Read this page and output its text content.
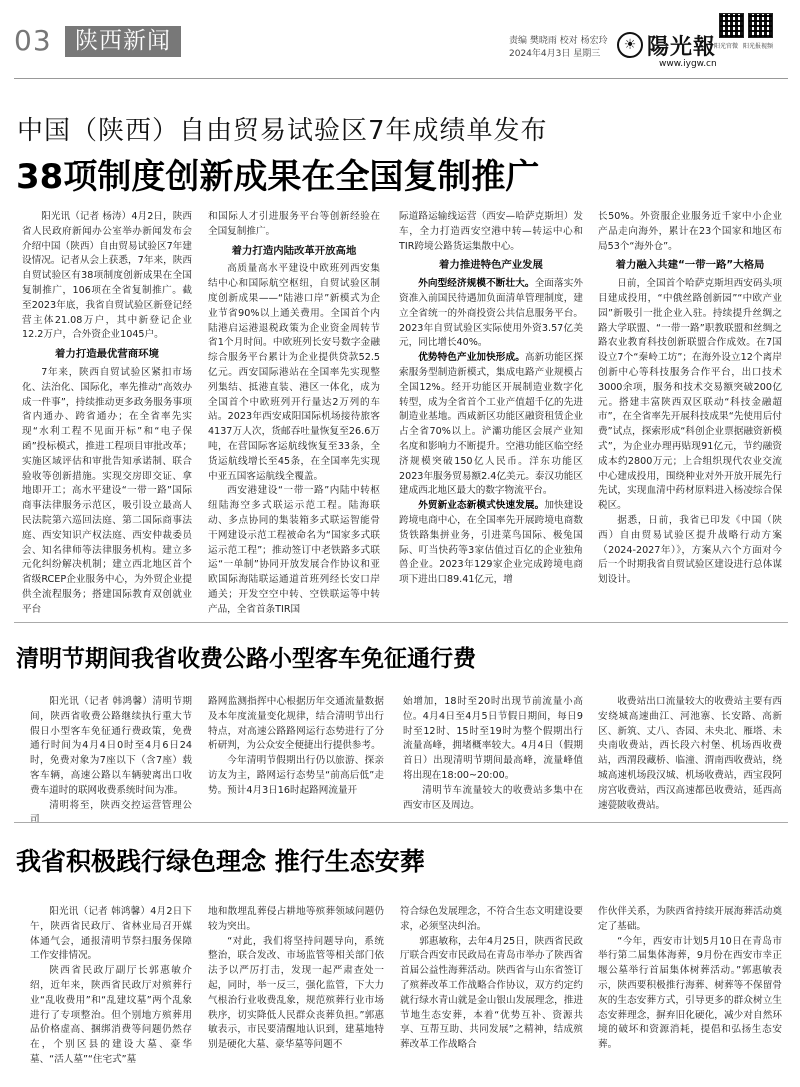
03	陕西新闻	责编 樊晓雨 校对 杨宏玲
2024年4月3日 星期三
☀ 陽光報
www.iygw.cn
阳光官微 阳光报视频
中国（陕西）自由贸易试验区7年成绩单发布
38项制度创新成果在全国复制推广

阳光讯（记者 杨涛）4月2日，陕西省人民政府新闻办公室举办新闻发布会介绍中国（陕西）自由贸易试验区7年建设情况。记者从会上获悉，7年来，陕西自贸试验区有38项制度创新成果在全国复制推广，106项在全省复制推广。截至2023年底，我省自贸试验区新登记经营主体21.08万户，其中新登记企业12.2万户，合外资企业1045户。

着力打造最优营商环境

7年来，陕西自贸试验区紧扣市场化、法治化、国际化，率先推动“高效办成一件事”，持续推动更多政务服务事项省内通办、跨省通办；在全省率先实现“水利工程不见面开标”和“电子保函”投标模式，推进工程项目审批改革；实施区域评估和审批告知承诺制、联合验收等创新措施。实现交房即交证、拿地即开工；高水平建设“一带一路”国际商事法律服务示范区，吸引设立最高人民法院第六巡回法庭、第二国际商事法庭、西安知识产权法庭、西安仲裁委员会、知名律师等法律服务机构。建立多元化纠纷解决机制；建立西北地区首个省级RCEP企业服务中心，为外贸企业提供全流程服务；搭建国际教育双创就业平台

和国际人才引进服务平台等创新经验在全国复制推广。

着力打造内陆改革开放高地

高质量高水平建设中欧班列西安集结中心和国际航空枢纽，自贸试验区制度创新成果——“陆港口岸”新模式为企业节省90%以上通关费用。全国首个内陆港启运港退税政策为企业资金周转节省1个月时间。中欧班列长安号数字金融综合服务平台累计为企业提供贷款52.5亿元。西安国际港站在全国率先实现整列集结、抵港直装、港区一体化，成为全国首个中欧班列开行量达2万列的车站。2023年西安咸阳国际机场接待旅客4137万人次，货邮吞吐量恢复至26.6万吨，在营国际客运航线恢复至33条，全货运航线增长至45条，在全国率先实现中亚五国客运航线全覆盖。

西安港建设“一带一路”内陆中转枢纽陆海空多式联运示范工程。陆海联动、多点协同的集装箱多式联运智能骨干网建设示范工程被命名为“国家多式联运示范工程”；推动签订中老铁路多式联运“一单制”协同开放发展合作协议和亚欧国际海陆联运通道首班列经长安口岸通关；开发空空中转、空铁联运等中转产品，全省首条TIR国

际道路运输线运营（西安—哈萨克斯坦）发车，全力打造西安空港中转—转运中心和TIR跨境公路货运集散中心。

着力推进特色产业发展

外向型经济规模不断壮大。全面落实外资准入前国民待遇加负面清单管理制度，建立全省统一的外商投资公共信息服务平台。2023年自贸试验区实际使用外资3.57亿美元，同比增长40%。

优势特色产业加快形成。高新功能区探索服务型制造新模式，集成电路产业规模占全国12%。经开功能区开展制造业数字化转型，成为全省首个工业产值超千亿的先进制造业基地。西咸新区功能区融资租赁企业占全省70%以上。浐灞功能区会展产业知名度和影响力不断提升。空港功能区临空经济规模突破150亿人民币。洋东功能区2023年服务贸易额2.4亿美元。泰汉功能区建成西北地区最大的数字物流平台。

外贸新业态新模式快速发展。加快建设跨境电商中心，在全国率先开展跨境电商数货铁路集拼业务，引进菜鸟国际、极兔国际、叮当快药等3家估值过百亿的企业独角兽企业。2023年129家企业完成跨境电商项下进出口89.41亿元，增

长50%。外资服企业服务近千家中小企业产品走向海外，累计在23个国家和地区布局53个“海外仓”。

着力融入共建“一带一路”大格局

日前，全国首个哈萨克斯坦西安码头项目建成投用，“中俄丝路创新园”“中欧产业园”新吸引一批企业入驻。持续提升丝绸之路大学联盟、“一带一路”职教联盟和丝绸之路农业教育科技创新联盟合作成效。在7国设立7个“秦岭工坊”；在海外设立12个离岸创新中心等科技服务合作平台，出口技术3000余项，服务和技术交易额突破200亿元。搭建丰富陕西双区联动“科技金融超市”，在全省率先开展科技成果“先使用后付费”试点，探索形成“科创企业票据融资新模式”，为企业办理再贴现91亿元，节约融资成本约2800万元；上合组织现代农业交流中心建成投用，围绕种业对外开放开展先行先试，实现血清中药材原料进入杨凌综合保税区。

据悉，日前，我省已印发《中国（陕西）自由贸易试验区提升战略行动方案（2024-2027年）》，方案从六个方面对今后一个时期我省自贸试验区建设进行总体谋划设计。

清明节期间我省收费公路小型客车免征通行费

阳光讯（记者 韩鸿馨）清明节期间，陕西省收费公路继续执行重大节假日小型客车免征通行费政策，免费通行时间为4月4日0时至4月6日24时，免费对象为7座以下（含7座）载客车辆，高速公路以车辆驶离出口收费车道时的联网收费系统时间为准。

清明将至，陕西交控运营管理公司

路网监测指挥中心根据历年交通流量数据及本年度流量变化规律，结合清明节出行特点，对高速公路路网运行态势进行了分析研判，为公众安全便捷出行提供参考。

今年清明节假期出行仍以旅游、探亲访友为主，路网运行态势呈“前高后低”走势。预计4月3日16时起路网流量开

始增加，18时至20时出现节前流量小高位。4月4日至4月5日节假日期间，每日9时至12时、15时至19时为整个假期出行流量高峰，拥堵概率较大。4月4日（假期首日）出现清明节期间最高峰，流量峰值将出现在18:00~20:00。

清明节车流量较大的收费站多集中在西安市区及周边。

收费站出口流量较大的收费站主要有西安绕城高速曲江、河池寨、长安路、高新区、新筑、丈八、杏园、未央北、雁塔、未央南收费站，西长段六村堡、机场西收费站，西渭段藏桥、临潼、渭南西收费站，绕城高速机场段汉城、机场收费站，西宝段阿房宫收费站，西汉高速都邑收费站，延西高速甍陂收费站。

我省积极践行绿色理念 推行生态安葬

阳光讯（记者 韩鸿馨）4月2日下午，陕西省民政厅、省林业局召开媒体通气会，通报清明节祭扫服务保障工作安排情况。

陕西省民政厅副厅长郭惠敏介绍，近年来，陕西省民政厅对殡葬行业“乱收费用”和“乱建坟墓”两个乱象进行了专项整治。但个别地方殡葬用品价格虚高、捆绑消费等问题仍然存在，个别区县的建设大墓、豪华墓、“活人墓”“住宅式”墓

地和散埋乱葬侵占耕地等殡葬领域问题仍较为突出。

“对此，我们将坚持问题导向，系统整治，联合发改、市场监管等相关部门依法予以严厉打击，发现一起严肃查处一起，同时，举一反三，强化监管，下大力气根治行业收费乱象，规范殡葬行业市场秩序，切实降低人民群众丧葬负担。”郭惠敏表示，市民要清醒地认识到，建墓地特别是硬化大墓、豪华墓等问题不

符合绿色发展理念，不符合生态文明建设要求，必须坚决纠治。

郭惠敏称，去年4月25日，陕西省民政厅联合西安市民政局在青岛市举办了陕西省首届公益性海葬活动。陕西省与山东省签订了殡葬改革工作战略合作协议，双方约定约就行绿水青山就是金山银山发展理念，推进节地生态安葬，本着“优势互补、资源共享、互帮互助、共同发展”之精神，结成殡葬改革工作战略合

作伙伴关系，为陕西省持续开展海葬活动奠定了基础。

“今年，西安市计划5月10日在青岛市举行第二届集体海葬，9月份在西安市幸正堰公墓举行首届集体树葬活动。”郭惠敏表示，陕西要积极推行海葬、树葬等不保留骨灰的生态安葬方式，引导更多的群众树立生态安葬理念，摒弃旧化硬化，减少对自然环境的破坏和资源消耗，提倡和弘扬生态安葬。
